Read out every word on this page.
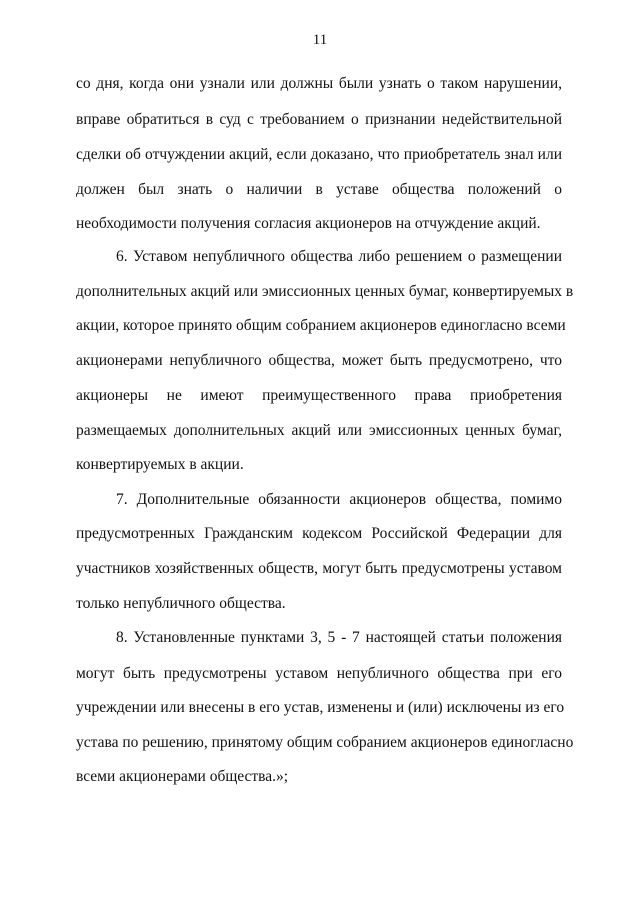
11
со дня, когда они узнали или должны были узнать о таком нарушении,
вправе обратиться в суд с требованием о признании недействительной
сделки об отчуждении акций, если доказано, что приобретатель знал или
должен был знать о наличии в уставе общества положений о
необходимости получения согласия акционеров на отчуждение акций.
6. Уставом непубличного общества либо решением о размещении
дополнительных акций или эмиссионных ценных бумаг, конвертируемых в
акции, которое принято общим собранием акционеров единогласно всеми
акционерами непубличного общества, может быть предусмотрено, что
акционеры не имеют преимущественного права приобретения
размещаемых дополнительных акций или эмиссионных ценных бумаг,
конвертируемых в акции.
7. Дополнительные обязанности акционеров общества, помимо
предусмотренных Гражданским кодексом Российской Федерации для
участников хозяйственных обществ, могут быть предусмотрены уставом
только непубличного общества.
8. Установленные пунктами 3, 5 - 7 настоящей статьи положения
могут быть предусмотрены уставом непубличного общества при его
учреждении или внесены в его устав, изменены и (или) исключены из его
устава по решению, принятому общим собранием акционеров единогласно
всеми акционерами общества.»;
